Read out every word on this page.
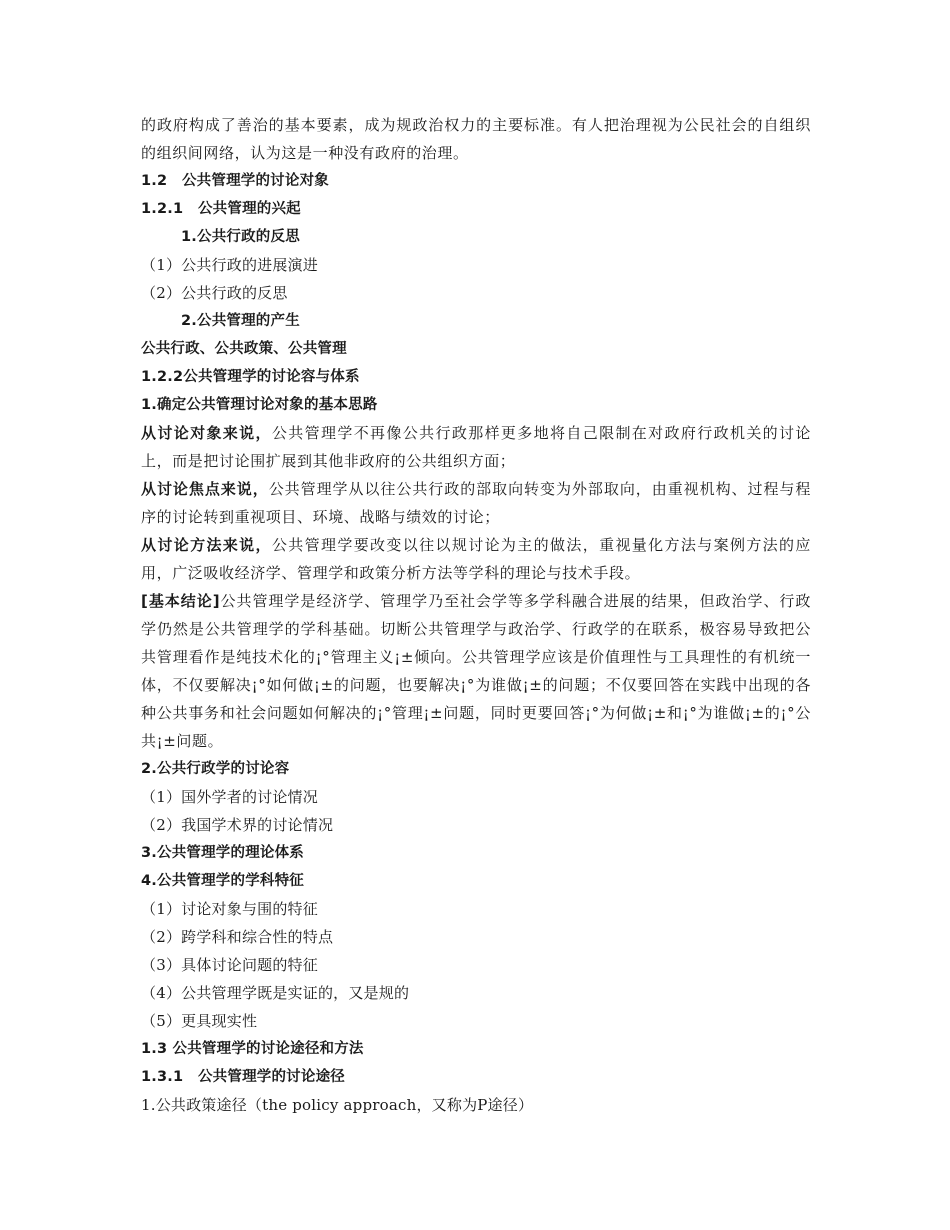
的政府构成了善治的基本要素，成为规政治权力的主要标准。有人把治理视为公民社会的自组织的组织间网络，认为这是一种没有政府的治理。
1.2　公共管理学的讨论对象
1.2.1　公共管理的兴起
1.公共行政的反思
（1）公共行政的进展演进
（2）公共行政的反思
2.公共管理的产生
公共行政、公共政策、公共管理
1.2.2公共管理学的讨论容与体系
1.确定公共管理讨论对象的基本思路
从讨论对象来说，公共管理学不再像公共行政那样更多地将自己限制在对政府行政机关的讨论上，而是把讨论围扩展到其他非政府的公共组织方面；
从讨论焦点来说，公共管理学从以往公共行政的部取向转变为外部取向，由重视机构、过程与程序的讨论转到重视项目、环境、战略与绩效的讨论；
从讨论方法来说，公共管理学要改变以往以规讨论为主的做法，重视量化方法与案例方法的应用，广泛吸收经济学、管理学和政策分析方法等学科的理论与技术手段。
[基本结论]公共管理学是经济学、管理学乃至社会学等多学科融合进展的结果，但政治学、行政学仍然是公共管理学的学科基础。切断公共管理学与政治学、行政学的在联系，极容易导致把公共管理看作是纯技术化的¡°管理主义¡±倾向。公共管理学应该是价值理性与工具理性的有机统一体，不仅要解决¡°如何做¡±的问题，也要解决¡°为谁做¡±的问题；不仅要回答在实践中出现的各种公共事务和社会问题如何解决的¡°管理¡±问题，同时更要回答¡°为何做¡±和¡°为谁做¡±的¡°公共¡±问题。
2.公共行政学的讨论容
（1）国外学者的讨论情况
（2）我国学术界的讨论情况
3.公共管理学的理论体系
4.公共管理学的学科特征
（1）讨论对象与围的特征
（2）跨学科和综合性的特点
（3）具体讨论问题的特征
（4）公共管理学既是实证的，又是规的
（5）更具现实性
1.3 公共管理学的讨论途径和方法
1.3.1　公共管理学的讨论途径
1.公共政策途径（the policy approach，又称为P途径）
